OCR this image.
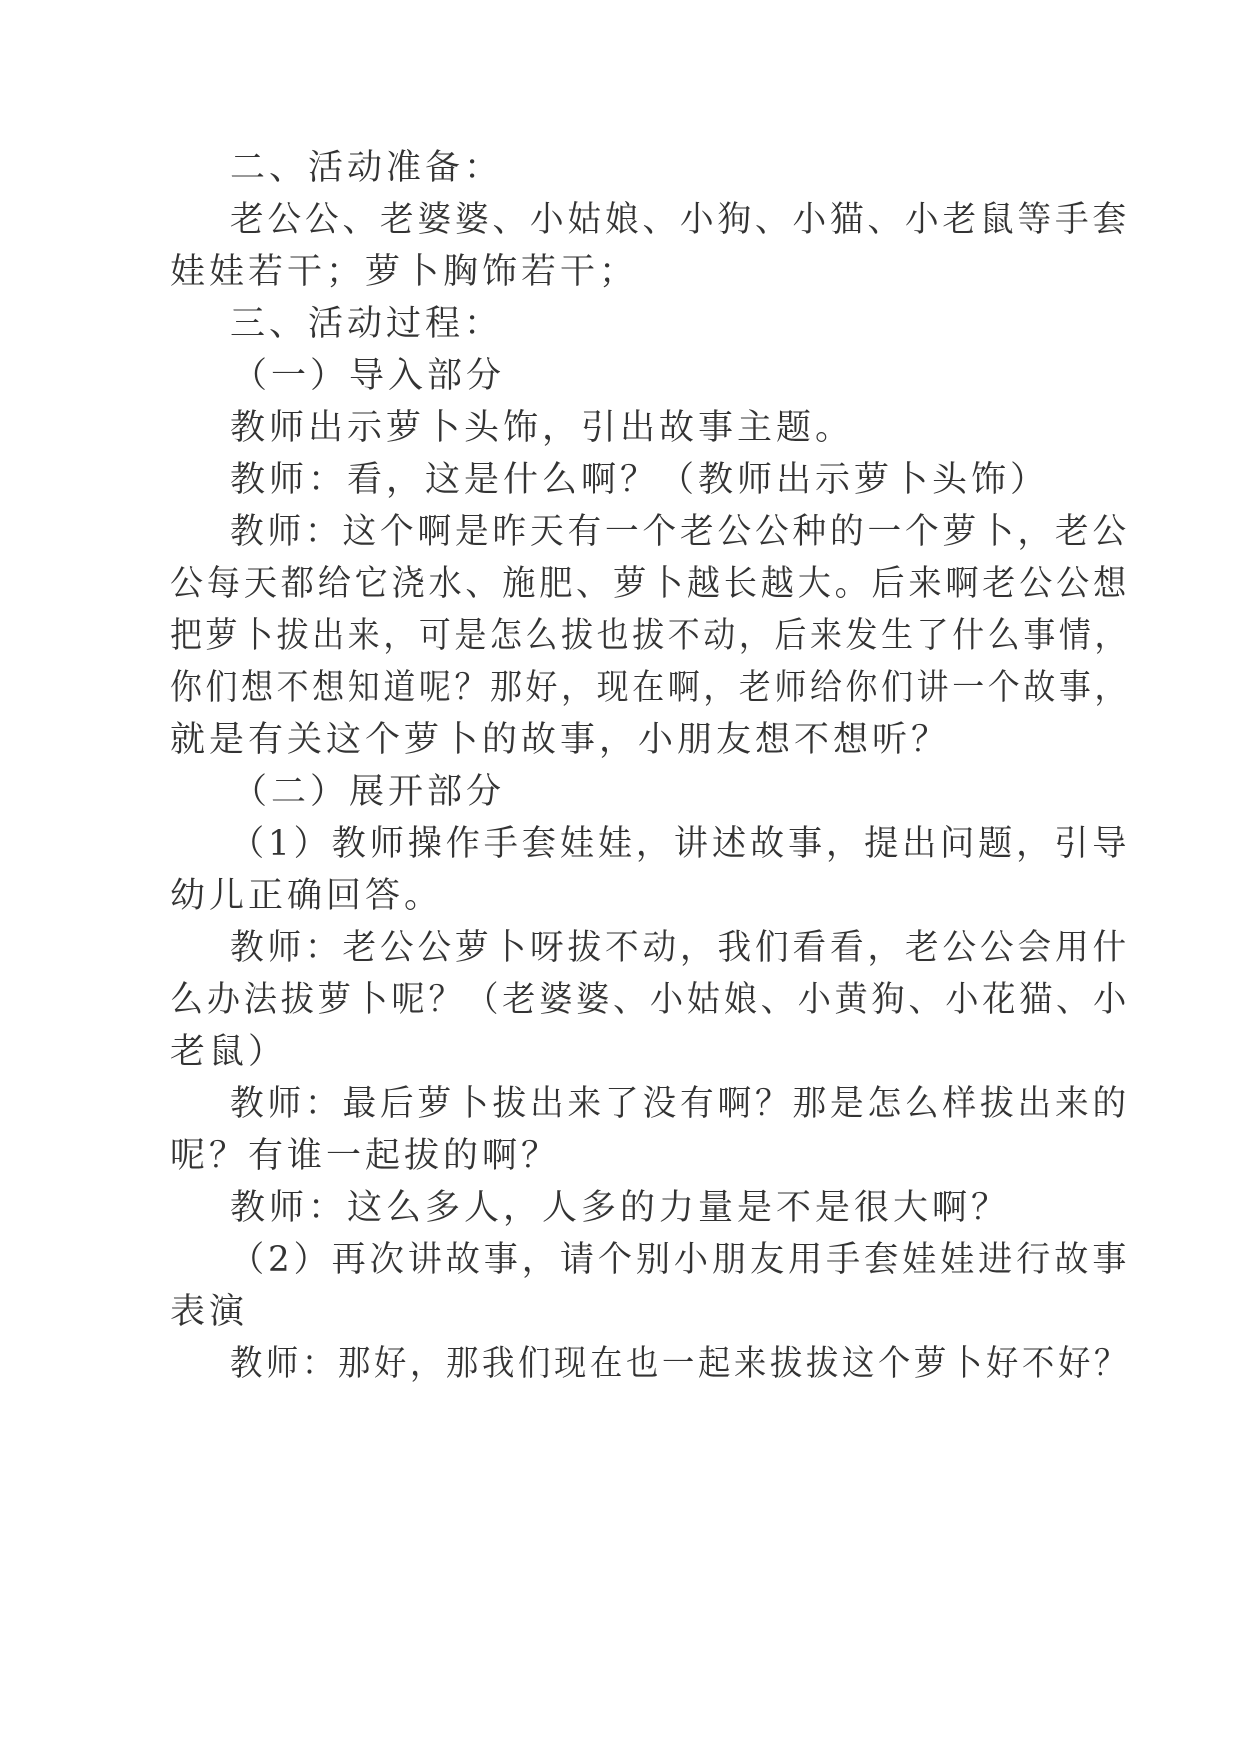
二、活动准备：
老公公、老婆婆、小姑娘、小狗、小猫、小老鼠等手套
娃娃若干；萝卜胸饰若干；
三、活动过程：
（一）导入部分
教师出示萝卜头饰，引出故事主题。
教师：看，这是什么啊？（教师出示萝卜头饰）
教师：这个啊是昨天有一个老公公种的一个萝卜，老公
公每天都给它浇水、施肥、萝卜越长越大。后来啊老公公想
把萝卜拔出来，可是怎么拔也拔不动，后来发生了什么事情，
你们想不想知道呢？那好，现在啊，老师给你们讲一个故事，
就是有关这个萝卜的故事，小朋友想不想听？
（二）展开部分
（1）教师操作手套娃娃，讲述故事，提出问题，引导
幼儿正确回答。
教师：老公公萝卜呀拔不动，我们看看，老公公会用什
么办法拔萝卜呢？（老婆婆、小姑娘、小黄狗、小花猫、小
老鼠）
教师：最后萝卜拔出来了没有啊？那是怎么样拔出来的
呢？有谁一起拔的啊？
教师：这么多人，人多的力量是不是很大啊？
（2）再次讲故事，请个别小朋友用手套娃娃进行故事
表演
教师：那好，那我们现在也一起来拔拔这个萝卜好不好？
